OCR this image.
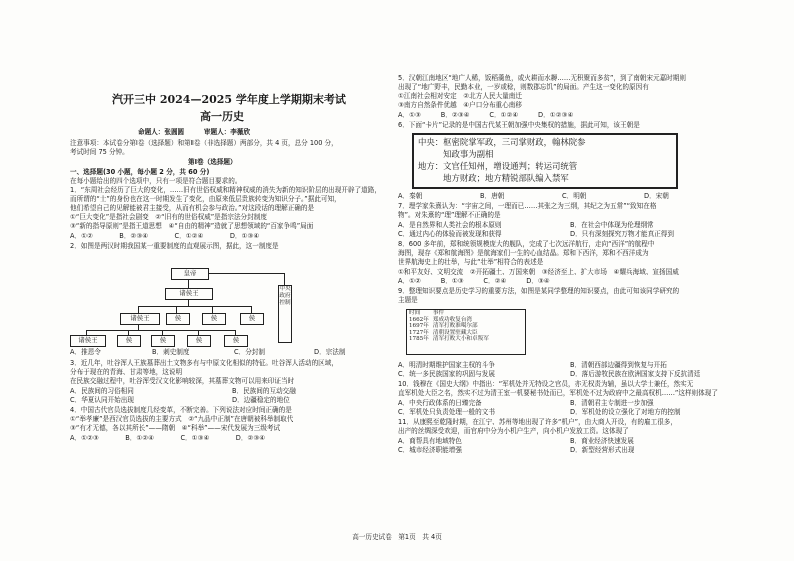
汽开三中 2024—2025 学年度上学期期末考试
高一历史
命题人：张圆圆　　　审题人：李薇欣
注意事项：本试卷分第Ⅰ卷（选择题）和第Ⅱ卷（非选择题）两部分，共 4 页，总分 100 分，
考试时间 75 分钟。
第Ⅰ卷（选择题）
一、选择题(30 小题，每小题 2 分，共 60 分)
在每小题给出的四个选项中，只有一项是符合题目要求的。
1．“东周社会经历了巨大的变化，……旧有世俗权威和精神权威的消失为新的知识阶层的出现开辟了道路，
而所谓的“士”的身份也在这一时期发生了变化，由原来低层贵族转变为知识分子。”据此可知，
他们希望自己的见解能被君主接受，从而有机会参与政治。”对这段话的理解正确的是
①“巨大变化”是指社会剧变　②“旧有的世俗权威”是指宗法分封制度
③“新的指导原则”是指王道思想　④“自由的精神”造就了思想领域的“百家争鸣”局面
A．①②　　　　B．②③④　　　　C．①②④　　　　D．①③④
2．如图是两汉时期我国某一重要制度的直观展示图，据此，这一制度是
皇帝
诸侯王
诸侯王	侯	侯	侯
诸侯王	侯	侯	侯	侯
中央政府控制
A．推恩令	B．刺史制度	C．分封制	D．宗法制
3．近几年，吐谷浑人王族墓葬出土文物多有与中原文化相似的特征。吐谷浑人活动的区域，
分布于现在的青海、甘肃等地，这说明
在民族交融过程中，吐谷浑受汉文化影响较深，其墓葬文物可以用来印证当时
A．民族间的习俗相同	B．民族间的互动交融
C．华夏认同开始出现	D．边疆稳定的地位
4．中国古代官员选拔制度几经变革，不断完善。下列说法对应时间正确的是
①“举孝廉”是西汉官员选拔的主要方式　②“九品中正制”在唐朝被科举制取代
③“有才无德，各以其所长”——隋朝　④“科举”——宋代发展为三级考试
A．①②③　　　　B．①②④　　　　C．①③④　　　　D．②③④
5．汉朝江南地区“地广人稀，饭稻羹鱼，或火耕而水耨……无积聚而多贫”，到了南朝宋元嘉时期则
出现了“地广野丰，民勤本业，一岁或稔，则数郡忘饥”的局面。产生这一变化的原因有
①江南社会相对安定　②北方人民大量南迁
③南方自然条件优越　④户口分布重心南移
A．①③　　　B．②③④　　　C．①②④　　　D．①②③④
6．下面“卡片”记录的是中国古代某王朝加强中央集权的措施，据此可知，该王朝是
中央：枢密院掌军政，三司掌财政，翰林院参
　　　知政事为副相
地方：文官任知州，增设通判；转运司统管
　　　地方财政；地方精锐部队编入禁军
A．秦朝	B．唐朝	C．明朝	D．宋朝
7．理学家朱熹认为：“宇宙之间，一理而已……其张之为三纲，其纪之为五常”“致知在格
物”。对朱熹的“理”理解不正确的是
A．是自然界和人类社会的根本原则	B．在社会中体现为伦理纲常
C．通过内心的体验而被发现和获得	D．只有深刻探究万物才能真正得到
8．600 多年前，郑和统领规模庞大的舰队，完成了七次远洋航行，走向“西洋”的航程中
海图，现存《郑和航海图》是航海家们一生的心血结晶。郑和下西洋，郑和不西洋成为
世界航海史上的壮举，与此“壮举”相符合的表述是
①和平友好、文明交流　②开拓疆土、万国来朝　③经济至上、扩大市场　④耀兵海域、宣扬国威
A．①②　　　B．①③　　　C．②④　　　D．③④
9．整理知识要点是历史学习的重要方法，如图是某同学整理的知识要点，由此可知该同学研究的
主题是
时间	事件
1662年	郑成功收复台湾
1697年	清军打败准噶尔部
1727年	清朝设置驻藏大臣
1785年	清军打败大小和卓叛军
A．明清时期维护国家主权的斗争	B．清朝西部边疆得到恢复与开拓
C．统一多民族国家的巩固与发展	D．落后游牧民族在欧洲国家支持下反抗清廷
10．钱穆在《国史大纲》中指出：“军机处并无特设之官员，亦无权责为辅，虽以大学士兼任，然实无
直军机处大臣之名，然实不过为清王室一机要秘书处而已，军机处不过为政府中之最高权机……”这样则体现了
A．中央行政体系的日臻完备	B．清朝君主专制进一步加强
C．军机处只负责处理一般的文书	D．军机处的设立强化了对地方的控制
11．从康熙至乾隆时期，在江宁、苏州等地出现了许多“机户”，由大商人开设，有的雇工很多，
出产的丝绸深受欢迎，而官府中分为小机户生产，向小机户发放工资。这体现了
A．商帮具有地域特色	B．商业经济快速发展
C．城市经济职能增强	D．新型经营形式出现
高一历史试卷　第1页　共 4页
